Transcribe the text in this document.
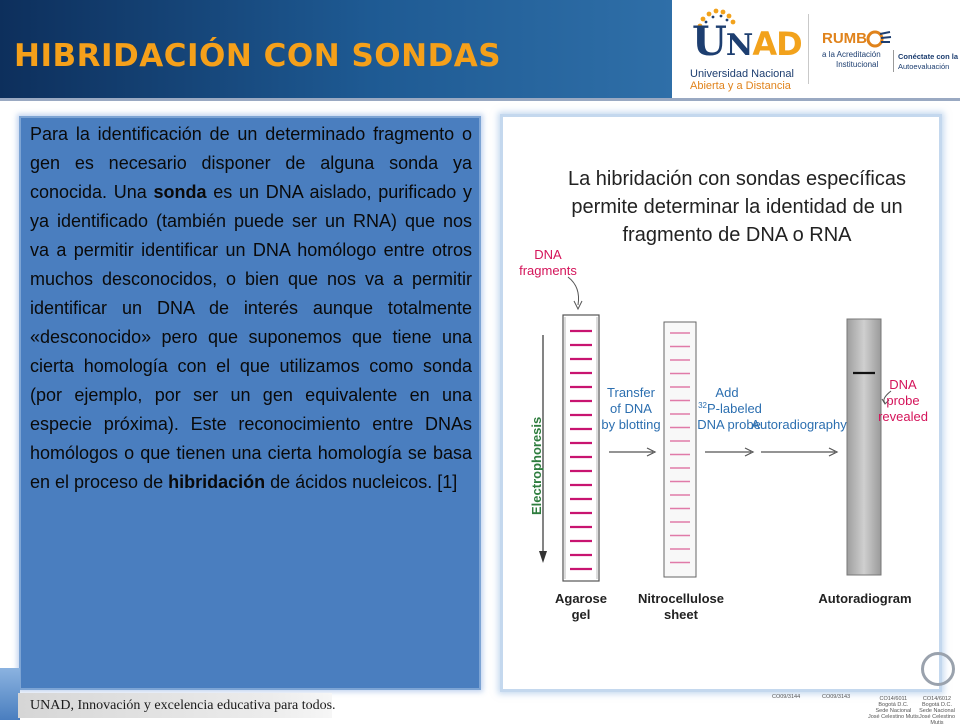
HIBRIDACIÓN CON SONDAS	UNAD
Universidad Nacional
Abierta y a Distancia
RUMB
a la Acreditación
Institucional
Conéctate con la
Autoevaluación

Para la identificación de un determinado fragmento o gen es necesario disponer de alguna sonda ya conocida. Una sonda es un DNA aislado, purificado y ya identificado (también puede ser un RNA) que nos va a permitir identificar un DNA homólogo entre otros muchos desconocidos, o bien que nos va a permitir identificar un DNA de interés aunque totalmente «desconocido» pero que suponemos que tiene una cierta homología con el que utilizamos como sonda (por ejemplo, por ser un gen equivalente en una especie próxima). Este reconocimiento entre DNAs homólogos o que tienen una cierta homología se basa en el proceso de hibridación de ácidos nucleicos. [1]

La hibridación con sondas específicas
permite determinar la identidad de un
fragmento de DNA o RNA
DNA
fragments
Electrophoresis
Transfer
of DNA
by blotting
Add
$^{32}$P-labeled
DNA probe
Autoradiography
DNA
probe
revealed
Agarose
gel
Nitrocellulose
sheet
Autoradiogram

UNAD, Innovación y excelencia educativa para todos.

CO09/3144	CO09/3143	CO14/6011
Bogotá D.C.
Sede Nacional
José Celestino Mutis
CO14/6012
Bogotá D.C.
Sede Nacional
José Celestino Mutis
